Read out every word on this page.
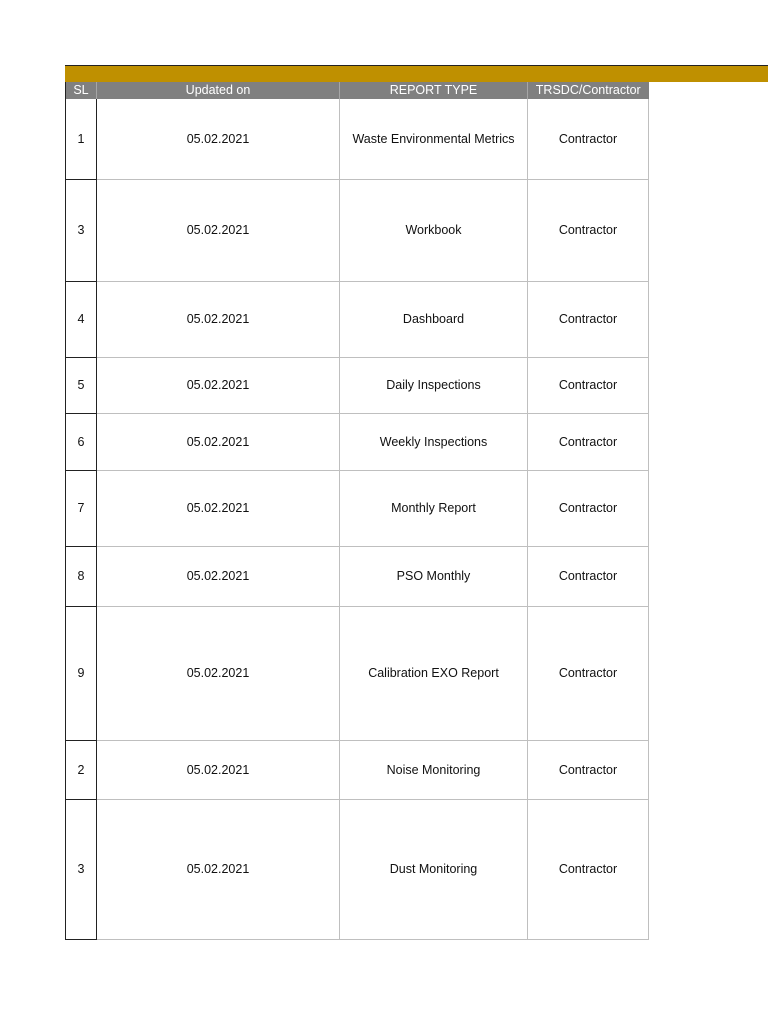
SL	Updated on	REPORT TYPE	TRSDC/Contractor
1	05.02.2021	Waste Environmental Metrics	Contractor
3	05.02.2021	Workbook	Contractor
4	05.02.2021	Dashboard	Contractor
5	05.02.2021	Daily Inspections	Contractor
6	05.02.2021	Weekly Inspections	Contractor
7	05.02.2021	Monthly Report	Contractor
8	05.02.2021	PSO Monthly	Contractor
9	05.02.2021	Calibration EXO Report	Contractor
2	05.02.2021	Noise Monitoring	Contractor
3	05.02.2021	Dust Monitoring	Contractor
